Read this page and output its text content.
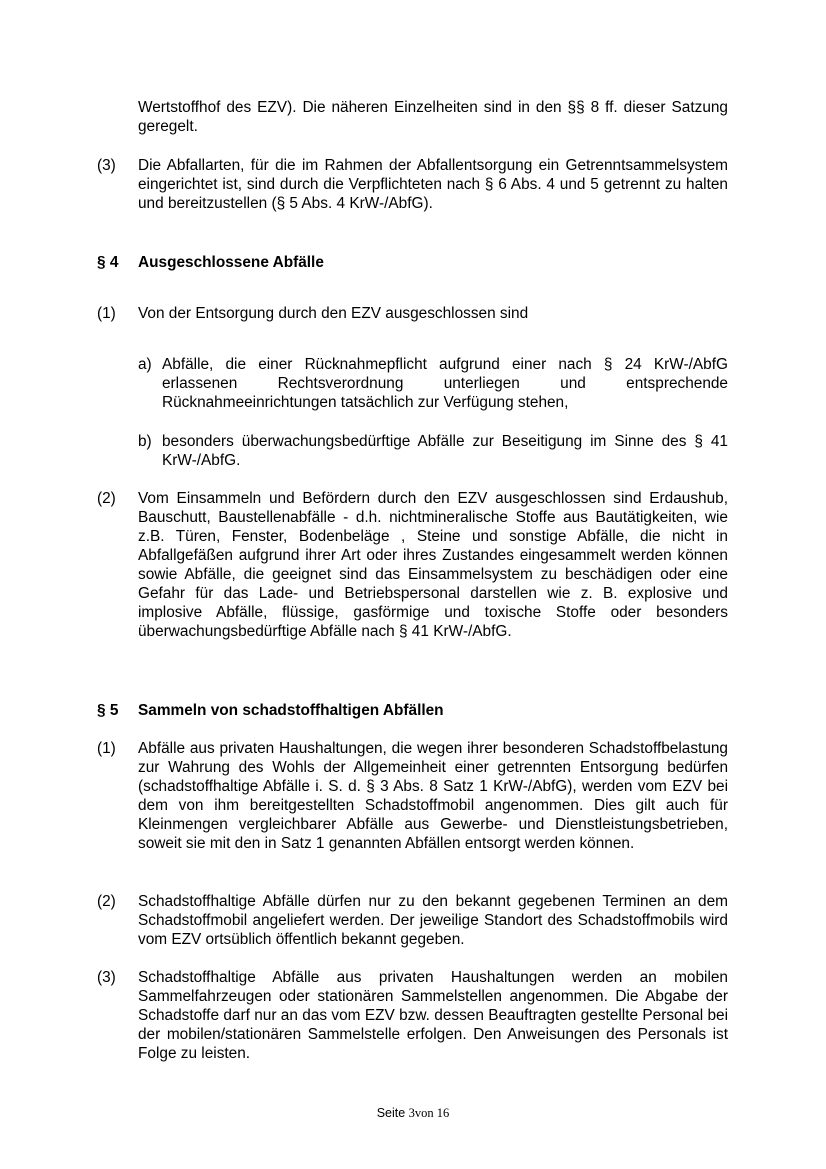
Wertstoffhof des EZV). Die näheren Einzelheiten sind in den §§ 8 ff. dieser Satzung geregelt.
(3) Die Abfallarten, für die im Rahmen der Abfallentsorgung ein Getrenntsammelsystem eingerichtet ist, sind durch die Verpflichteten nach § 6 Abs. 4 und 5 getrennt zu halten und bereitzustellen (§ 5 Abs. 4 KrW-/AbfG).
§ 4 Ausgeschlossene Abfälle
(1) Von der Entsorgung durch den EZV ausgeschlossen sind
a) Abfälle, die einer Rücknahmepflicht aufgrund einer nach § 24 KrW-/AbfG erlassenen Rechtsverordnung unterliegen und entsprechende Rücknahmeeinrichtungen tatsächlich zur Verfügung stehen,
b) besonders überwachungsbedürftige Abfälle zur Beseitigung im Sinne des § 41 KrW-/AbfG.
(2) Vom Einsammeln und Befördern durch den EZV ausgeschlossen sind Erdaushub, Bauschutt, Baustellenabfälle - d.h. nichtmineralische Stoffe aus Bautätigkeiten, wie z.B. Türen, Fenster, Bodenbeläge , Steine und sonstige Abfälle, die nicht in Abfallgefäßen aufgrund ihrer Art oder ihres Zustandes eingesammelt werden können sowie Abfälle, die geeignet sind das Einsammelsystem zu beschädigen oder eine Gefahr für das Lade- und Betriebspersonal darstellen wie z. B. explosive und implosive Abfälle, flüssige, gasförmige und toxische Stoffe oder besonders überwachungsbedürftige Abfälle nach § 41 KrW-/AbfG.
§ 5 Sammeln von schadstoffhaltigen Abfällen
(1) Abfälle aus privaten Haushaltungen, die wegen ihrer besonderen Schadstoffbelastung zur Wahrung des Wohls der Allgemeinheit einer getrennten Entsorgung bedürfen (schadstoffhaltige Abfälle i. S. d. § 3 Abs. 8 Satz 1 KrW-/AbfG), werden vom EZV bei dem von ihm bereitgestellten Schadstoffmobil angenommen. Dies gilt auch für Kleinmengen vergleichbarer Abfälle aus Gewerbe- und Dienstleistungsbetrieben, soweit sie mit den in Satz 1 genannten Abfällen entsorgt werden können.
(2) Schadstoffhaltige Abfälle dürfen nur zu den bekannt gegebenen Terminen an dem Schadstoffmobil angeliefert werden. Der jeweilige Standort des Schadstoffmobils wird vom EZV ortsüblich öffentlich bekannt gegeben.
(3) Schadstoffhaltige Abfälle aus privaten Haushaltungen werden an mobilen Sammelfahrzeugen oder stationären Sammelstellen angenommen. Die Abgabe der Schadstoffe darf nur an das vom EZV bzw. dessen Beauftragten gestellte Personal bei der mobilen/stationären Sammelstelle erfolgen. Den Anweisungen des Personals ist Folge zu leisten.
Seite 3von 16
